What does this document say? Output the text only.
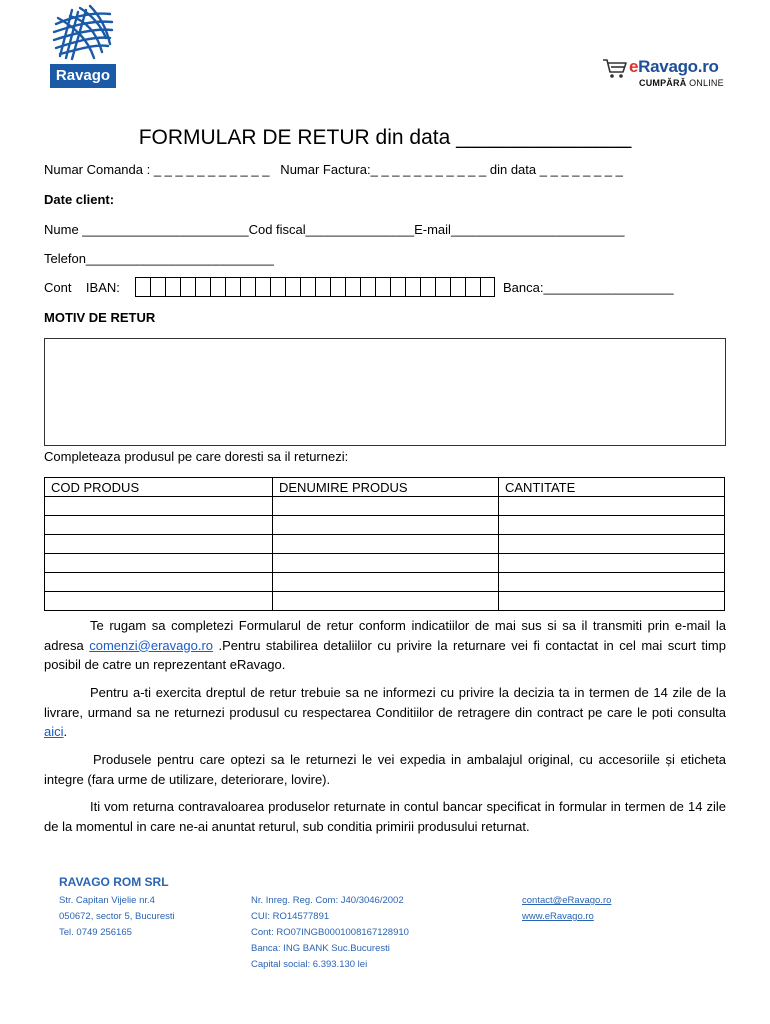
Ravago	eRavago.ro
CUMPĂRĂ ONLINE
FORMULAR DE RETUR din data _______________
Numar Comanda : _ _ _ _ _ _ _ _ _ _ _   Numar Factura:_ _ _ _ _ _ _ _ _ _ _ din data _ _ _ _ _ _ _ _
Date client:
Nume _______________________Cod fiscal_______________E-mail________________________
Telefon__________________________
Cont    IBAN:	Banca:__________________
MOTIV DE RETUR
Completeaza produsul pe care doresti sa il returnezi:
COD PRODUS	DENUMIRE PRODUS	CANTITATE

Te rugam sa completezi Formularul de retur conform indicatiilor de mai sus si sa il transmiti prin e-mail la adresa comenzi@eravago.ro .Pentru stabilirea detaliilor cu privire la returnare vei fi contactat in cel mai scurt timp posibil de catre un reprezentant eRavago.
Pentru a-ti exercita dreptul de retur trebuie sa ne informezi cu privire la decizia ta in termen de 14 zile de la livrare, urmand sa ne returnezi produsul cu respectarea Conditiilor de retragere din contract pe care le poti consulta aici.
Produsele pentru care optezi sa le returnezi le vei expedia in ambalajul original, cu accesoriile și eticheta integre (fara urme de utilizare, deteriorare, lovire).
Iti vom returna contravaloarea produselor returnate in contul bancar specificat in formular in termen de 14 zile de la momentul in care ne-ai anuntat returul, sub conditia primirii produsului returnat.
RAVAGO ROM SRL
Str. Capitan Vijelie nr.4
050672, sector 5, Bucuresti
Tel. 0749 256165
Nr. Inreg. Reg. Com: J40/3046/2002
CUI: RO14577891
Cont: RO07INGB0001008167128910
Banca: ING BANK Suc.Bucuresti
Capital social: 6.393.130 lei
contact@eRavago.ro
www.eRavago.ro
